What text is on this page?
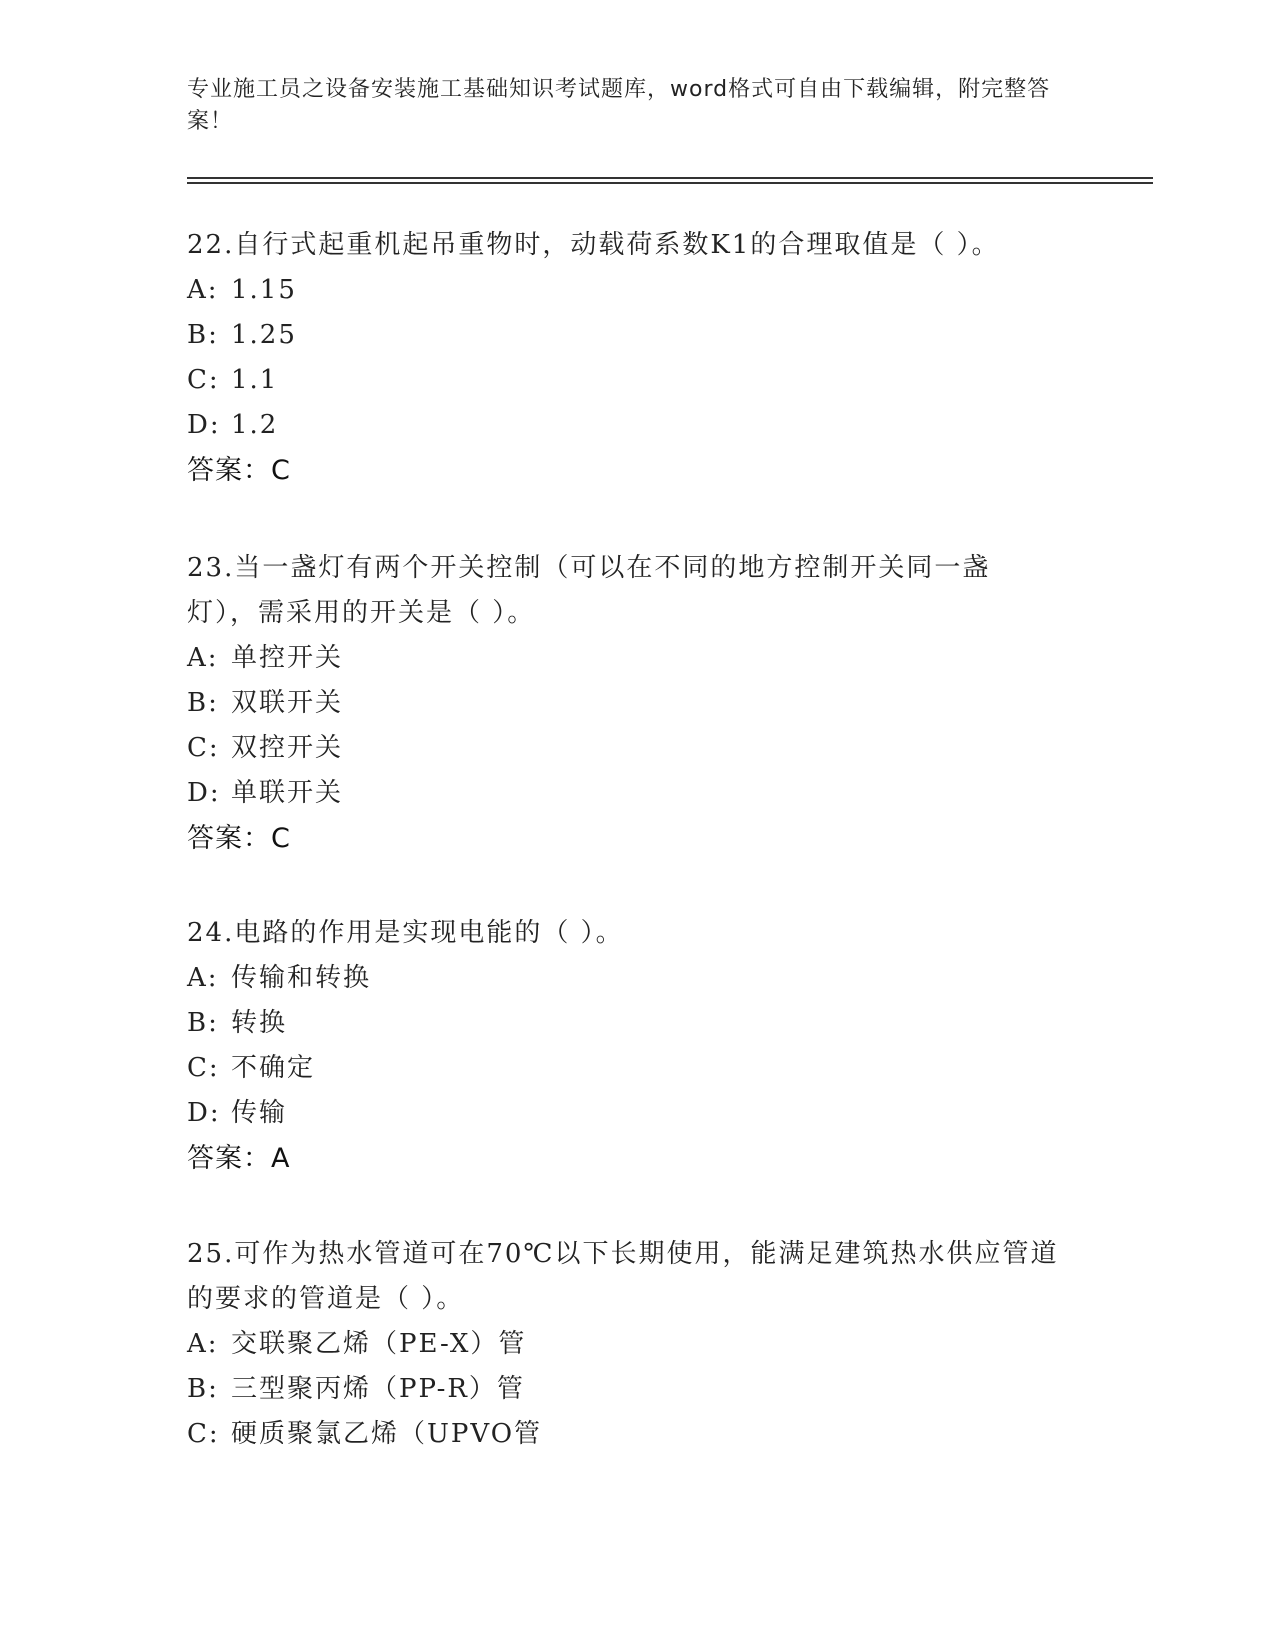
专业施工员之设备安装施工基础知识考试题库，word格式可自由下载编辑，附完整答案！

22.自行式起重机起吊重物时，动载荷系数K1的合理取值是（ ）。

A: 1.15
B: 1.25
C: 1.1
D: 1.2
答案：C

23.当一盏灯有两个开关控制（可以在不同的地方控制开关同一盏灯），需采用的开关是（ ）。

A: 单控开关
B: 双联开关
C: 双控开关
D: 单联开关
答案：C

24.电路的作用是实现电能的（ ）。

A: 传输和转换
B: 转换
C: 不确定
D: 传输
答案：A

25.可作为热水管道可在70℃以下长期使用，能满足建筑热水供应管道的要求的管道是（ ）。

A: 交联聚乙烯（PE-X）管
B: 三型聚丙烯（PP-R）管
C: 硬质聚氯乙烯（UPVO管
